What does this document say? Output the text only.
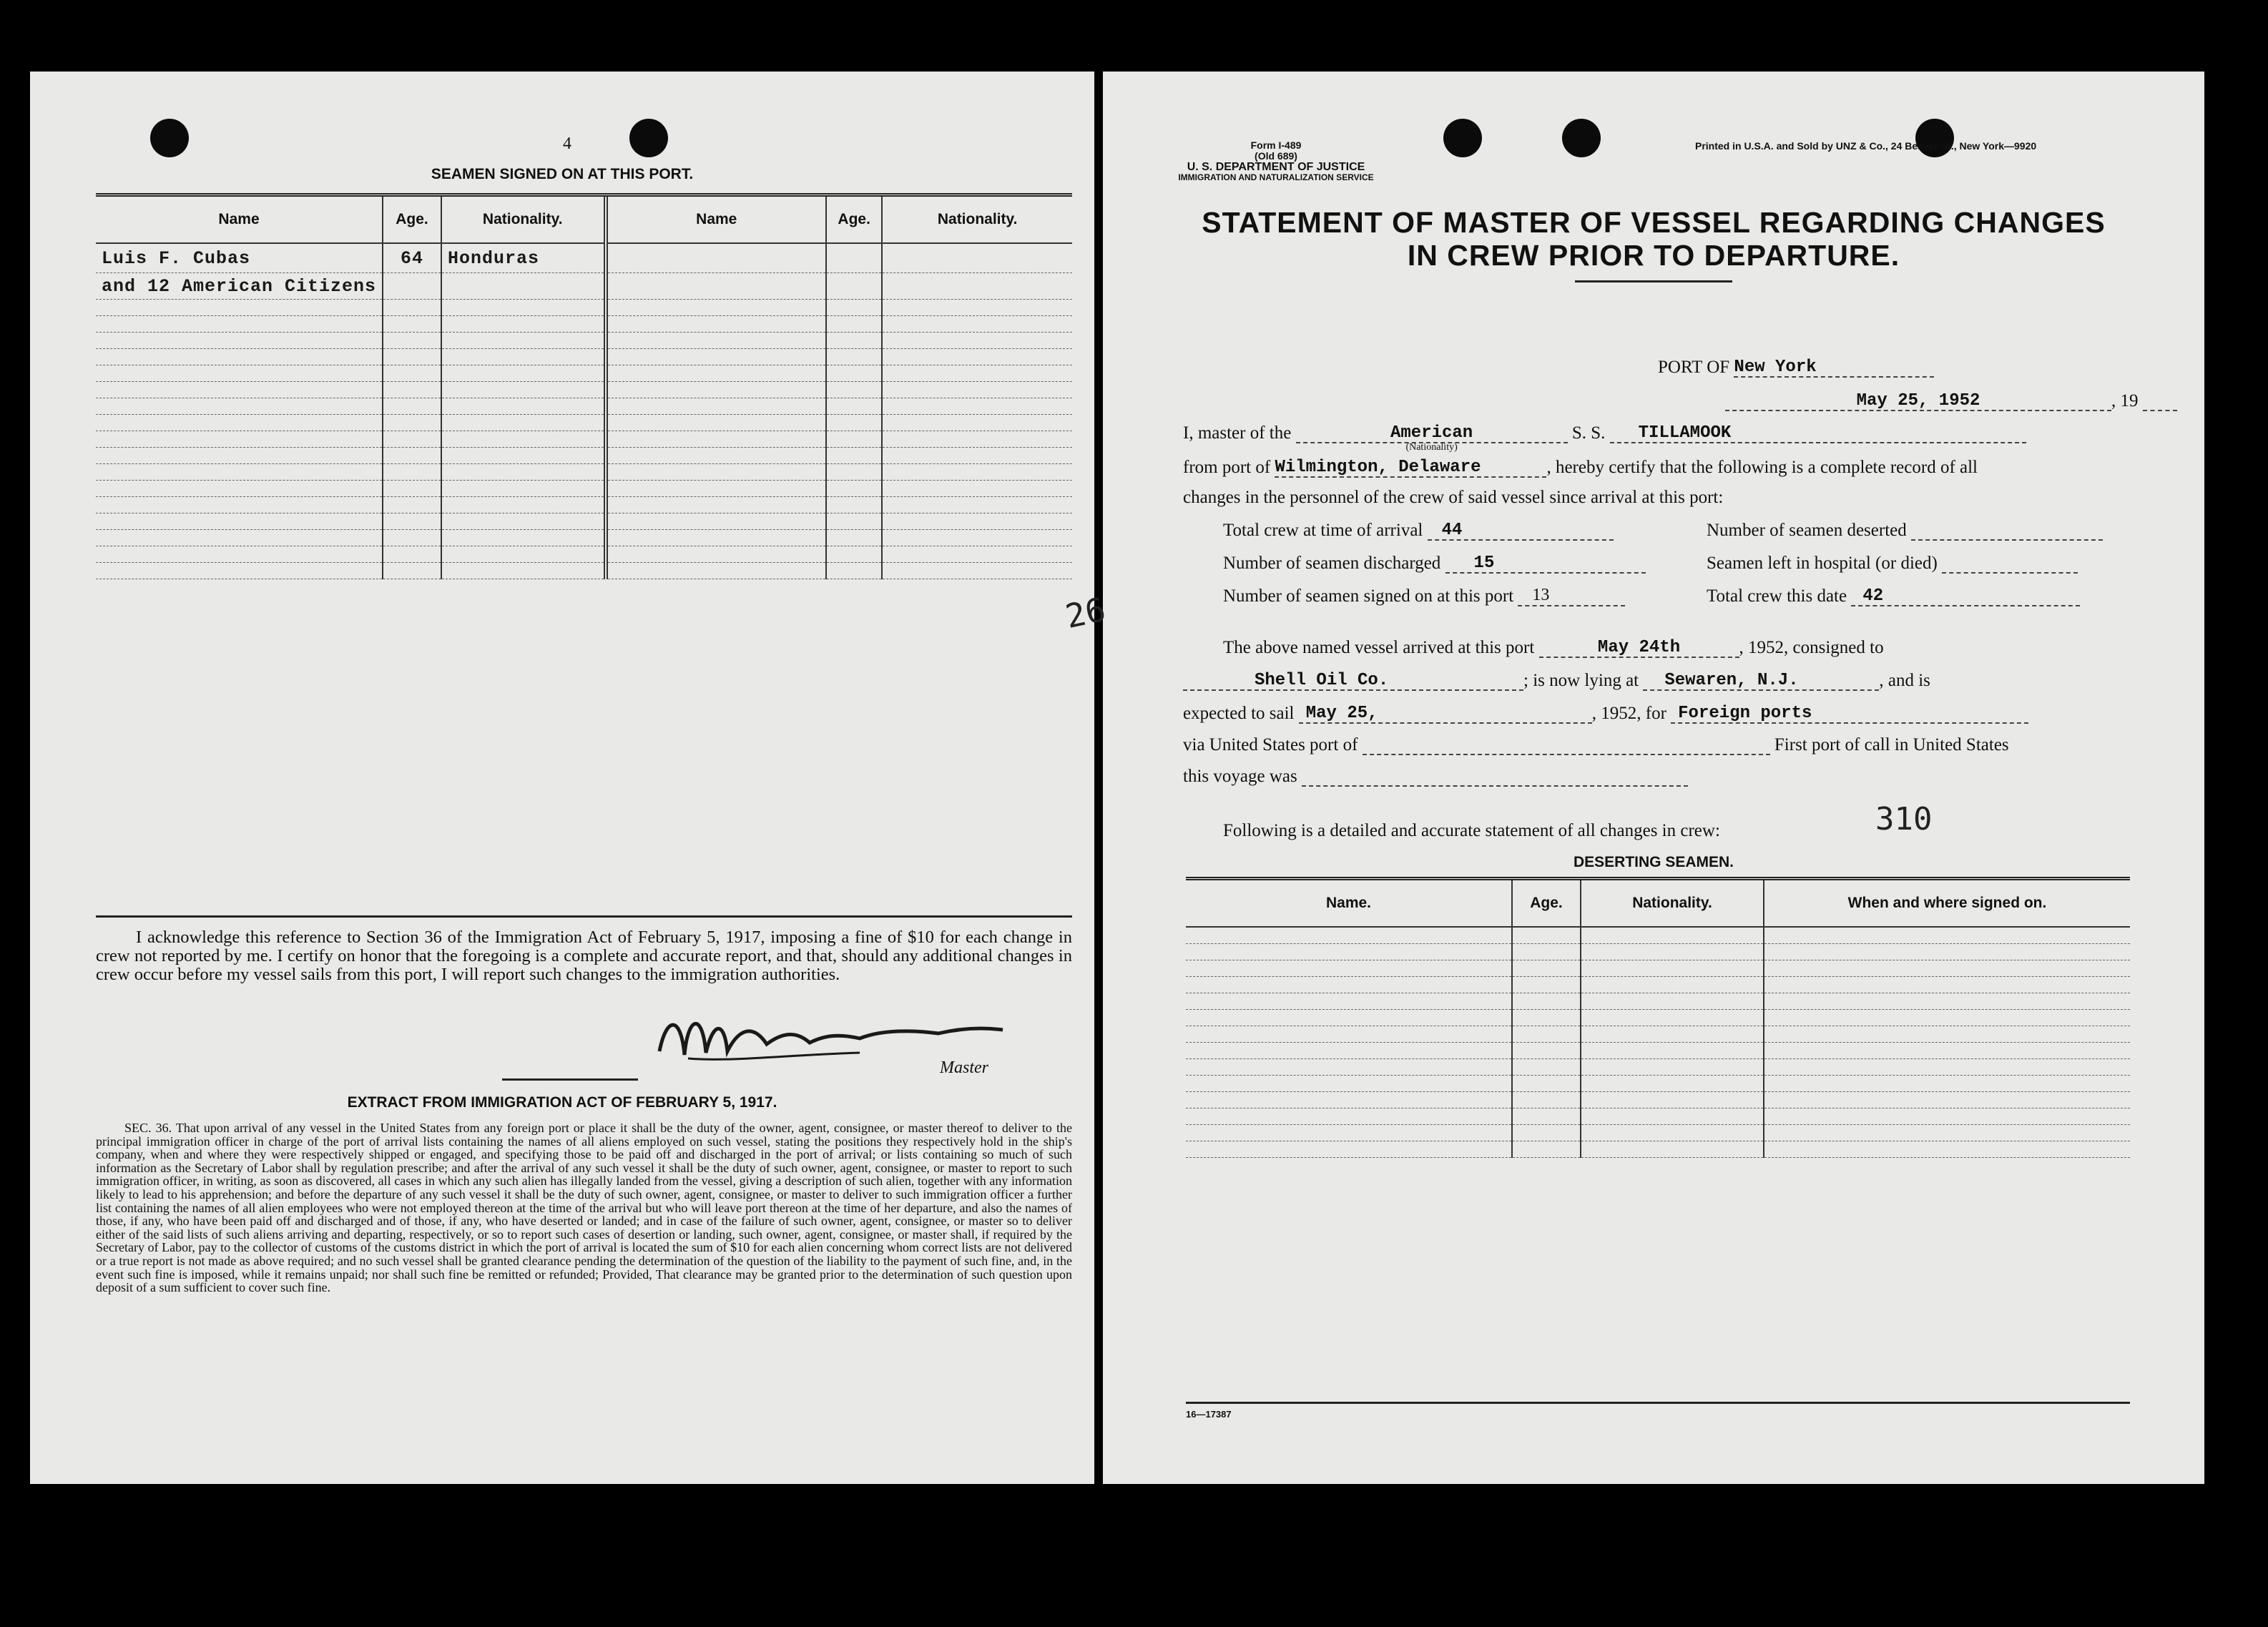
4
SEAMEN SIGNED ON AT THIS PORT.
Name	Age.	Nationality.	Name	Age.	Nationality.
Luis F. Cubas	64	Honduras			
and 12 American Citizens					

I acknowledge this reference to Section 36 of the Immigration Act of February 5, 1917, imposing a fine of $10 for each change in crew not reported by me. I certify on honor that the foregoing is a complete and accurate report, and that, should any additional changes in crew occur before my vessel sails from this port, I will report such changes to the immigration authorities.
Master
EXTRACT FROM IMMIGRATION ACT OF FEBRUARY 5, 1917.
SEC. 36. That upon arrival of any vessel in the United States from any foreign port or place it shall be the duty of the owner, agent, consignee, or master thereof to deliver to the principal immigration officer in charge of the port of arrival lists containing the names of all aliens employed on such vessel, stating the positions they respectively hold in the ship's company, when and where they were respectively shipped or engaged, and specifying those to be paid off and discharged in the port of arrival; or lists containing so much of such information as the Secretary of Labor shall by regulation prescribe; and after the arrival of any such vessel it shall be the duty of such owner, agent, consignee, or master to report to such immigration officer, in writing, as soon as discovered, all cases in which any such alien has illegally landed from the vessel, giving a description of such alien, together with any information likely to lead to his apprehension; and before the departure of any such vessel it shall be the duty of such owner, agent, consignee, or master to deliver to such immigration officer a further list containing the names of all alien employees who were not employed thereon at the time of the arrival but who will leave port thereon at the time of her departure, and also the names of those, if any, who have been paid off and discharged and of those, if any, who have deserted or landed; and in case of the failure of such owner, agent, consignee, or master so to deliver either of the said lists of such aliens arriving and departing, respectively, or so to report such cases of desertion or landing, such owner, agent, consignee, or master shall, if required by the Secretary of Labor, pay to the collector of customs of the customs district in which the port of arrival is located the sum of $10 for each alien concerning whom correct lists are not delivered or a true report is not made as above required; and no such vessel shall be granted clearance pending the determination of the question of the liability to the payment of such fine, and, in the event such fine is imposed, while it remains unpaid; nor shall such fine be remitted or refunded; Provided, That clearance may be granted prior to the determination of such question upon deposit of a sum sufficient to cover such fine.
Form I-489
(Old 689)
U. S. DEPARTMENT OF JUSTICE
IMMIGRATION AND NATURALIZATION SERVICE
Printed in U.S.A. and Sold by UNZ & Co., 24 Beaver St., New York—9920
STATEMENT OF MASTER OF VESSEL REGARDING CHANGES
IN CREW PRIOR TO DEPARTURE.
PORT OF New York
May 25, 1952	, 19
I, master of the	American
(Nationality)
S. S. TILLAMOOK
from port of Wilmington, Delaware	, hereby certify that the following is a complete record of all
changes in the personnel of the crew of said vessel since arrival at this port:
Total crew at time of arrival 44	Number of seamen deserted
Number of seamen discharged 15	Seamen left in hospital (or died)
Number of seamen signed on at this port 13	Total crew this date 42
The above named vessel arrived at this port	May 24th	, 1952, consigned to
Shell Oil Co.	; is now lying at Sewaren, N.J.	, and is
expected to sail May 25,	, 1952, for Foreign ports
via United States port of	First port of call in United States
this voyage was
Following is a detailed and accurate statement of all changes in crew:	310
DESERTING SEAMEN.
Name.	Age.	Nationality.	When and where signed on.

16—17387
26
